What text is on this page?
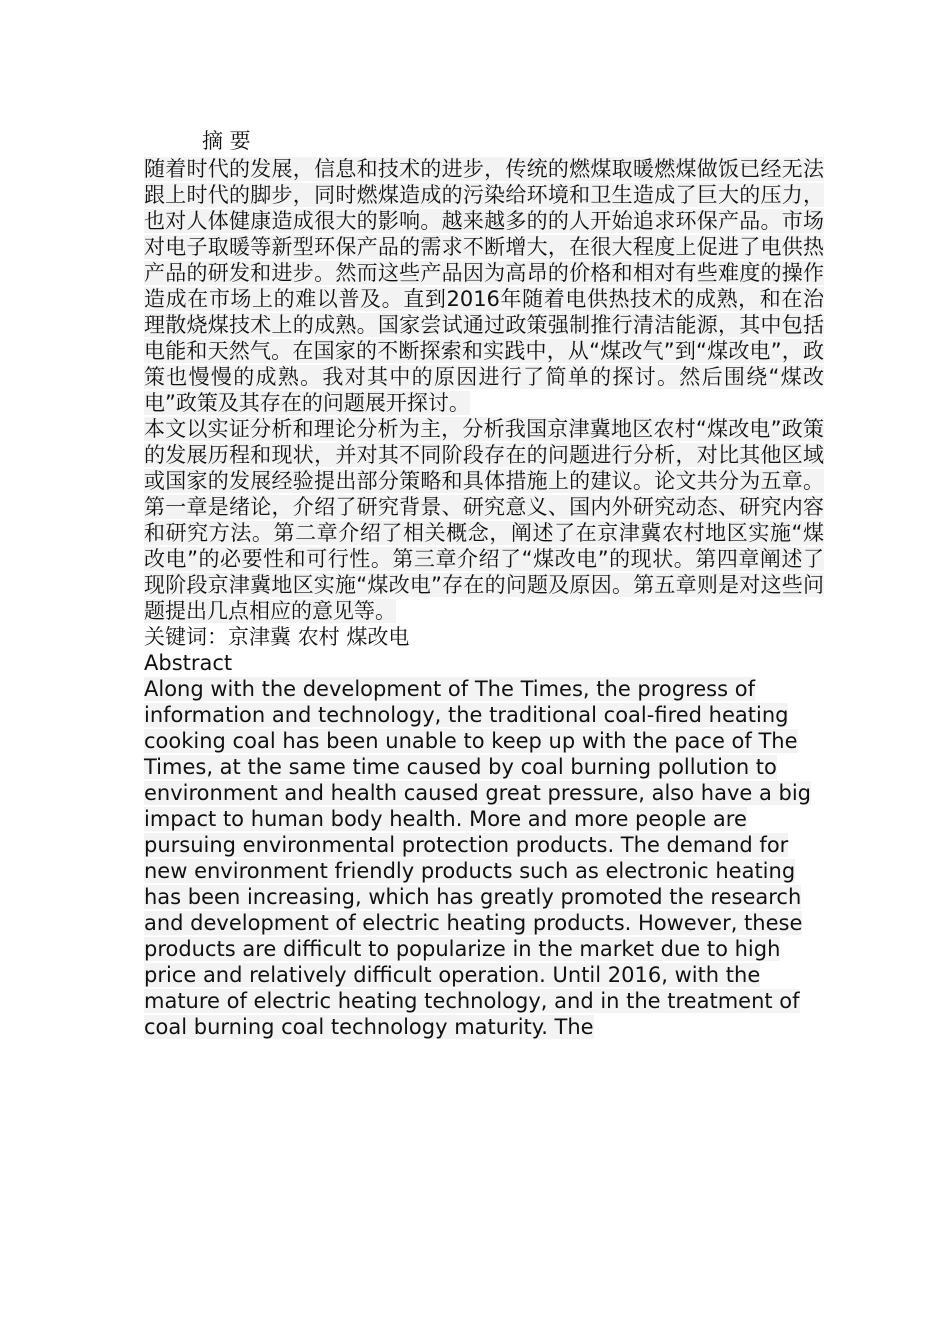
摘 要

随着时代的发展，信息和技术的进步，传统的燃煤取暖燃煤做饭已经无法跟上时代的脚步，同时燃煤造成的污染给环境和卫生造成了巨大的压力，也对人体健康造成很大的影响。越来越多的的人开始追求环保产品。市场对电子取暖等新型环保产品的需求不断增大，在很大程度上促进了电供热产品的研发和进步。然而这些产品因为高昂的价格和相对有些难度的操作造成在市场上的难以普及。直到2016年随着电供热技术的成熟，和在治理散烧煤技术上的成熟。国家尝试通过政策强制推行清洁能源，其中包括电能和天然气。在国家的不断探索和实践中，从“煤改气”到“煤改电”，政策也慢慢的成熟。我对其中的原因进行了简单的探讨。然后围绕“煤改电”政策及其存在的问题展开探讨。

本文以实证分析和理论分析为主，分析我国京津冀地区农村“煤改电”政策的发展历程和现状，并对其不同阶段存在的问题进行分析，对比其他区域或国家的发展经验提出部分策略和具体措施上的建议。论文共分为五章。第一章是绪论，介绍了研究背景、研究意义、国内外研究动态、研究内容和研究方法。第二章介绍了相关概念，阐述了在京津冀农村地区实施“煤改电”的必要性和可行性。第三章介绍了“煤改电”的现状。第四章阐述了现阶段京津冀地区实施“煤改电”存在的问题及原因。第五章则是对这些问题提出几点相应的意见等。

关键词：京津冀 农村 煤改电

Abstract

Along with the development of The Times, the progress of information and technology, the traditional coal-fired heating cooking coal has been unable to keep up with the pace of The Times, at the same time caused by coal burning pollution to environment and health caused great pressure, also have a big impact to human body health. More and more people are pursuing environmental protection products. The demand for new environment friendly products such as electronic heating has been increasing, which has greatly promoted the research and development of electric heating products. However, these products are difficult to popularize in the market due to high price and relatively difficult operation. Until 2016, with the mature of electric heating technology, and in the treatment of coal burning coal technology maturity. The
